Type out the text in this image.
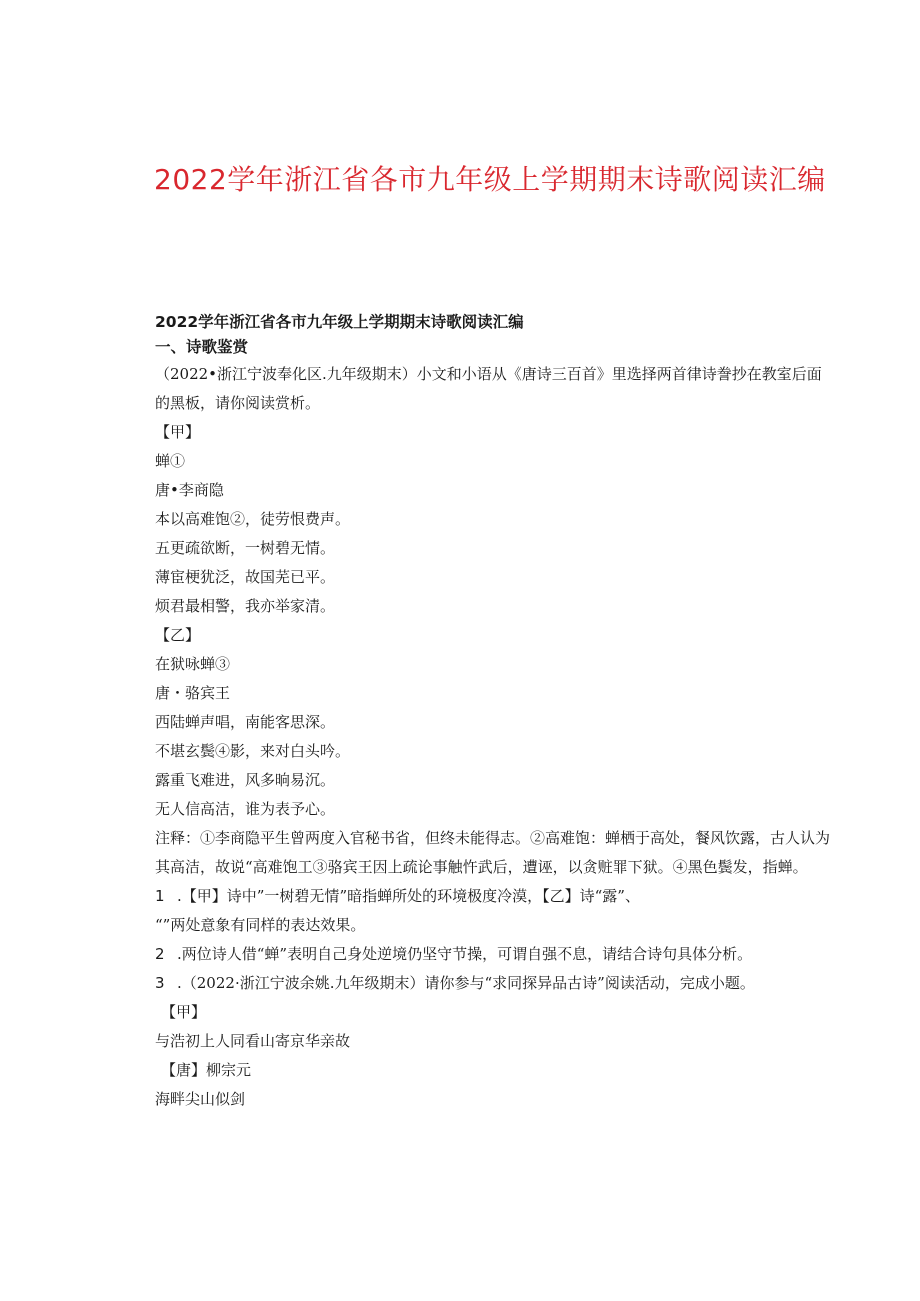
2022学年浙江省各市九年级上学期期末诗歌阅读汇编
2022学年浙江省各市九年级上学期期末诗歌阅读汇编
一、诗歌鉴赏
（2022•浙江宁波奉化区.九年级期末）小文和小语从《唐诗三百首》里选择两首律诗誊抄在教室后面的黑板，请你阅读赏析。
【甲】
蝉①
唐•李商隐
本以高难饱②，徒劳恨费声。
五更疏欲断，一树碧无情。
薄宦梗犹泛，故国芜已平。
烦君最相警，我亦举家清。
【乙】
在狱咏蝉③
唐・骆宾王
西陆蝉声唱，南能客思深。
不堪玄鬓④影，来对白头吟。
露重飞难进，风多晌易沉。
无人信高洁，谁为表予心。
注释：①李商隐平生曾两度入官秘书省，但终未能得志。②高难饱：蝉栖于高处，餐风饮露，古人认为其高洁，故说“高难饱工③骆宾王因上疏论事触忤武后，遭诬，以贪赃罪下狱。④黑色鬓发，指蝉。
1 .【甲】诗中”一树碧无情”暗指蝉所处的环境极度冷漠，【乙】诗“露”、
“”两处意象有同样的表达效果。
2 .两位诗人借“蝉”表明自己身处逆境仍坚守节操，可谓自强不息，请结合诗句具体分析。
3 .（2022·浙江宁波余姚.九年级期末）请你参与“求同探异品古诗”阅读活动，完成小题。
【甲】
与浩初上人同看山寄京华亲故
【唐】柳宗元
海畔尖山似剑
